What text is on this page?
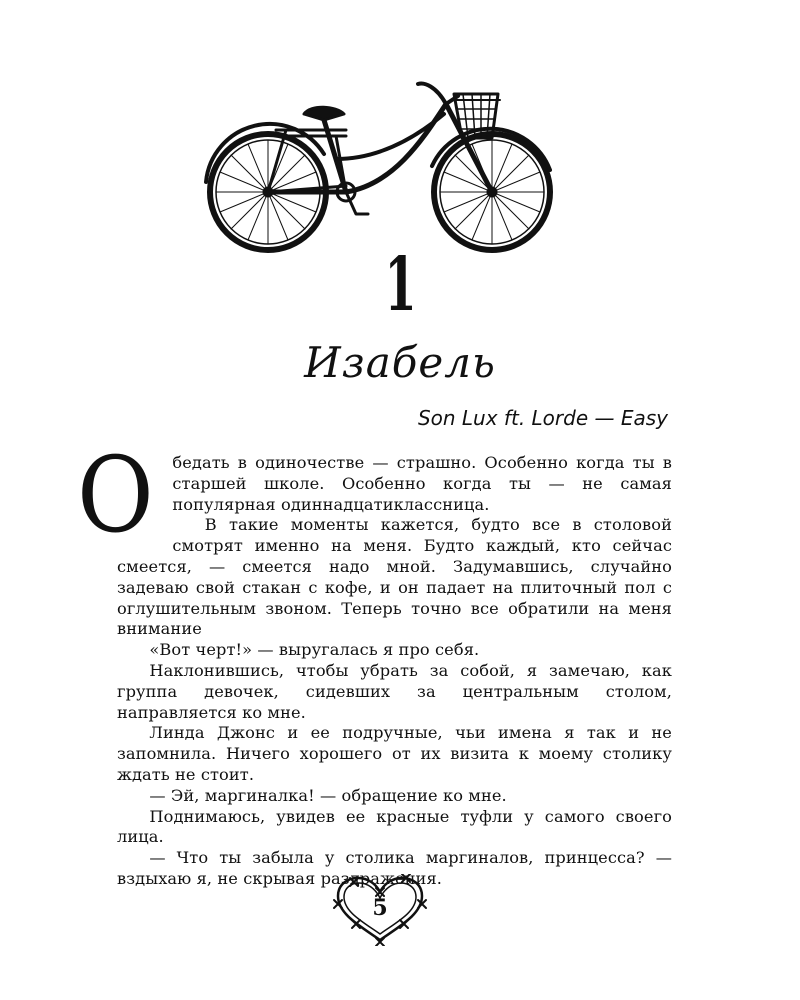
1
Изабель
Son Lux ft. Lorde — Easy
О	бедать в одиночестве — страшно. Особенно когда ты в старшей школе. Особенно когда ты — не самая популярная одиннадцатиклассница.

В такие моменты кажется, будто все в столовой смотрят именно на меня. Будто каждый, кто сейчас смеется, — смеется надо мной. Задумавшись, случайно задеваю свой стакан с кофе, и он падает на плиточный пол с оглушительным звоном. Теперь точно все обратили на меня внимание

«Вот черт!» — выругалась я про себя.

Наклонившись, чтобы убрать за собой, я замечаю, как группа девочек, сидевших за центральным столом, направляется ко мне.

Линда Джонс и ее подручные, чьи имена я так и не запомнила. Ничего хорошего от их визита к моему столику ждать не стоит.

— Эй, маргиналка! — обращение ко мне.

Поднимаюсь, увидев ее красные туфли у самого своего лица.

— Что ты забыла у столика маргиналов, принцесса? — вздыхаю я, не скрывая раздражения.

5
